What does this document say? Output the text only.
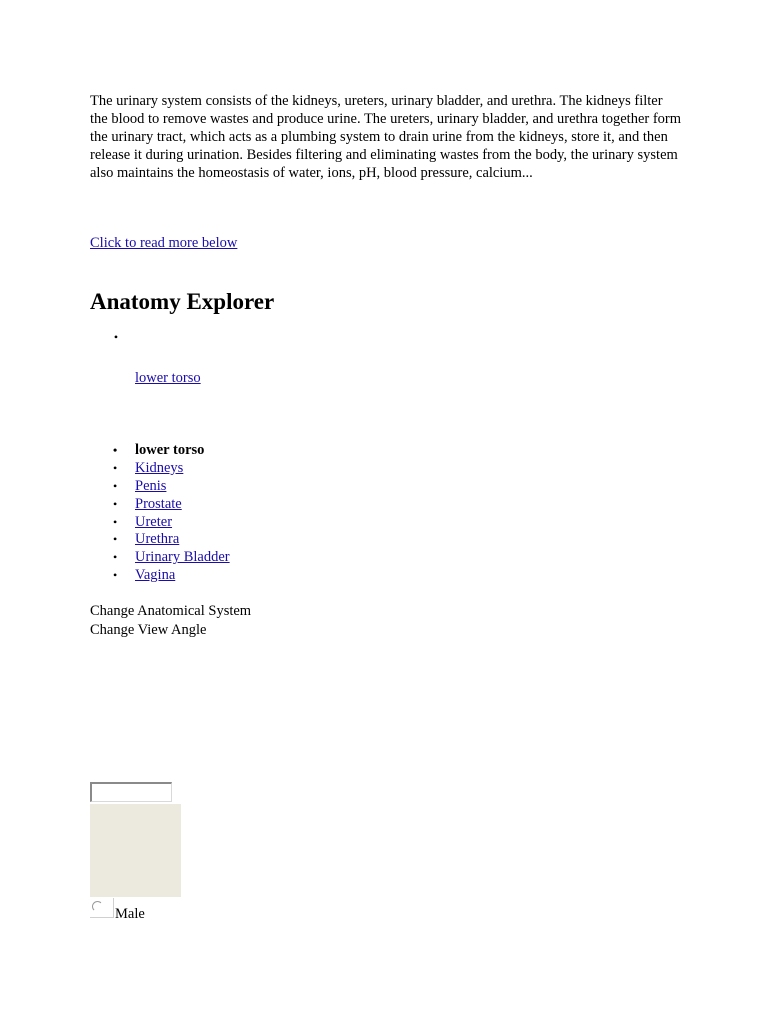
The urinary system consists of the kidneys, ureters, urinary bladder, and urethra. The kidneys filter the blood to remove wastes and produce urine. The ureters, urinary bladder, and urethra together form the urinary tract, which acts as a plumbing system to drain urine from the kidneys, store it, and then release it during urination. Besides filtering and eliminating wastes from the body, the urinary system also maintains the homeostasis of water, ions, pH, blood pressure, calcium...

Click to read more below
Anatomy Explorer
•
lower torso
• lower torso
• Kidneys
• Penis
• Prostate
• Ureter
• Urethra
• Urinary Bladder
• Vagina
Change Anatomical System
Change View Angle
Male
